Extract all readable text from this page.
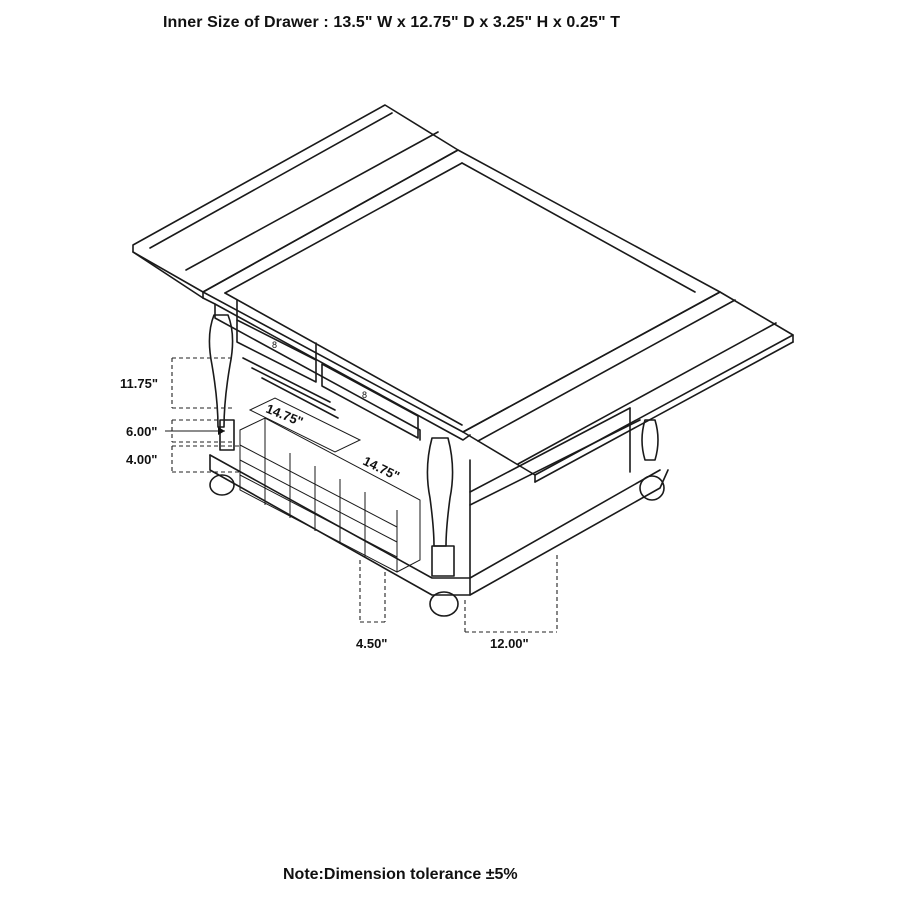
Inner Size of Drawer : 13.5" W x 12.75" D x 3.25" H x 0.25" T
8
8
11.75"
6.00"
4.00"
14.75"
14.75"
4.50"	12.00"
Note:Dimension tolerance ±5%
